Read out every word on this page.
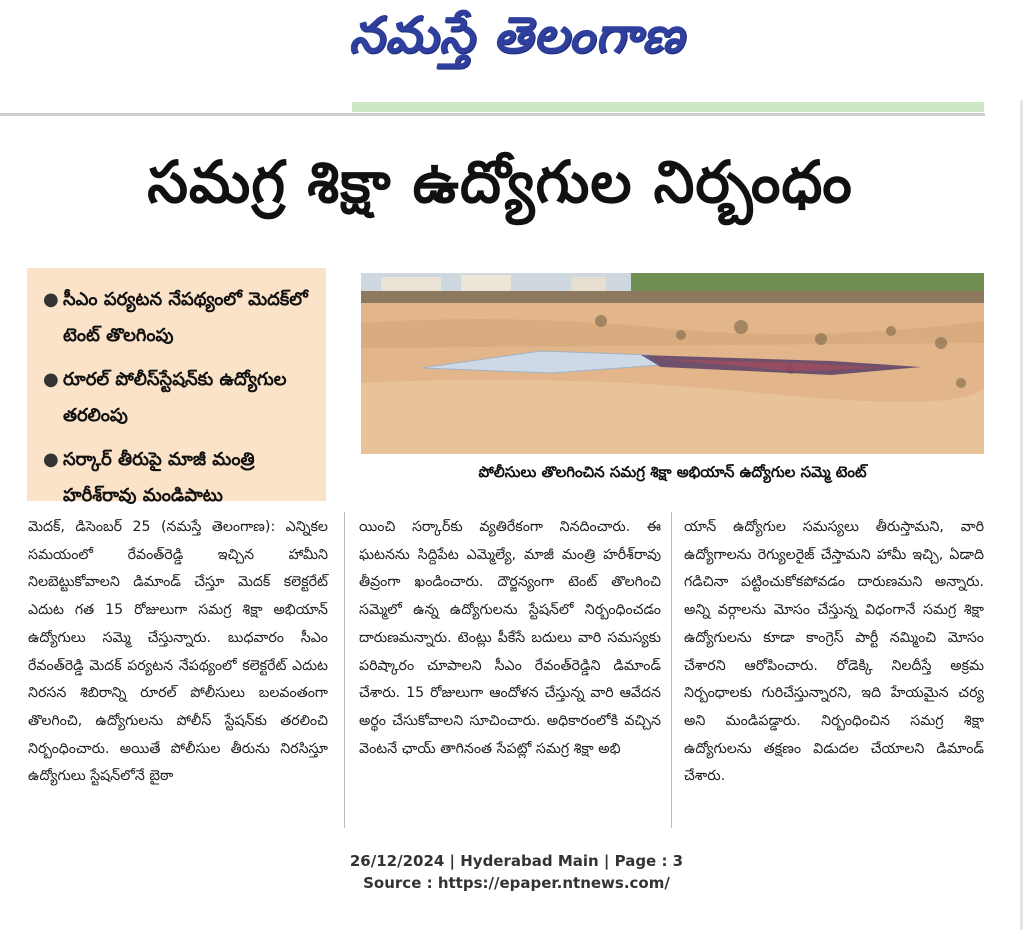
నమస్తే తెలంగాణ
సమగ్ర శిక్షా ఉద్యోగుల నిర్బంధం
● సీఎం పర్యటన నేపథ్యంలో మెదక్‌లో టెంట్ తొలగింపు
● రూరల్ పోలీస్‌స్టేషన్‌కు ఉద్యోగుల తరలింపు
● సర్కార్ తీరుపై మాజీ మంత్రి హరీశ్‌రావు మండిపాటు
పోలీసులు తొలగించిన సమగ్ర శిక్షా అభియాన్ ఉద్యోగుల సమ్మె టెంట్

మెదక్, డిసెంబర్ 25 (నమస్తే తెలంగాణ): ఎన్నికల సమయంలో రేవంత్‌రెడ్డి ఇచ్చిన హామీని నిలబెట్టుకోవాలని డిమాండ్ చేస్తూ మెదక్ కలెక్టరేట్ ఎదుట గత 15 రోజులుగా సమగ్ర శిక్షా అభియాన్ ఉద్యోగులు సమ్మె చేస్తున్నారు. బుధవారం సీఎం రేవంత్‌రెడ్డి మెదక్ పర్యటన నేపథ్యంలో కలెక్టరేట్ ఎదుట నిరసన శిబిరాన్ని రూరల్ పోలీసులు బలవంతంగా తొలగించి, ఉద్యోగులను పోలీస్ స్టేషన్‌కు తరలించి నిర్బంధించారు. అయితే పోలీసుల తీరును నిరసిస్తూ ఉద్యోగులు స్టేషన్‌లోనే బైఠా

యించి సర్కార్‌కు వ్యతిరేకంగా నినదించారు. ఈ ఘటనను సిద్దిపేట ఎమ్మెల్యే, మాజీ మంత్రి హరీశ్‌రావు తీవ్రంగా ఖండించారు. దౌర్జన్యంగా టెంట్ తొలగించి సమ్మెలో ఉన్న ఉద్యోగులను స్టేషన్‌లో నిర్బంధించడం దారుణమన్నారు. టెంట్లు పీకేసే బదులు వారి సమస్యకు పరిష్కారం చూపాలని సీఎం రేవంత్‌రెడ్డిని డిమాండ్ చేశారు. 15 రోజులుగా ఆందోళన చేస్తున్న వారి ఆవేదన అర్థం చేసుకోవాలని సూచించారు. అధికారంలోకి వచ్చిన వెంటనే ఛాయ్ తాగినంత సేపట్లో సమగ్ర శిక్షా అభి

యాన్ ఉద్యోగుల సమస్యలు తీరుస్తామని, వారి ఉద్యోగాలను రెగ్యులరైజ్ చేస్తామని హామీ ఇచ్చి, ఏడాది గడిచినా పట్టించుకోకపోవడం దారుణమని అన్నారు. అన్ని వర్గాలను మోసం చేస్తున్న విధంగానే సమగ్ర శిక్షా ఉద్యోగులను కూడా కాంగ్రెస్ పార్టీ నమ్మించి మోసం చేశారని ఆరోపించారు. రోడెక్కి నిలదీస్తే అక్రమ నిర్బంధాలకు గురిచేస్తున్నారని, ఇది హేయమైన చర్య అని మండిపడ్డారు. నిర్బంధించిన సమగ్ర శిక్షా ఉద్యోగులను తక్షణం విడుదల చేయాలని డిమాండ్ చేశారు.

26/12/2024 | Hyderabad Main | Page : 3
Source : https://epaper.ntnews.com/
